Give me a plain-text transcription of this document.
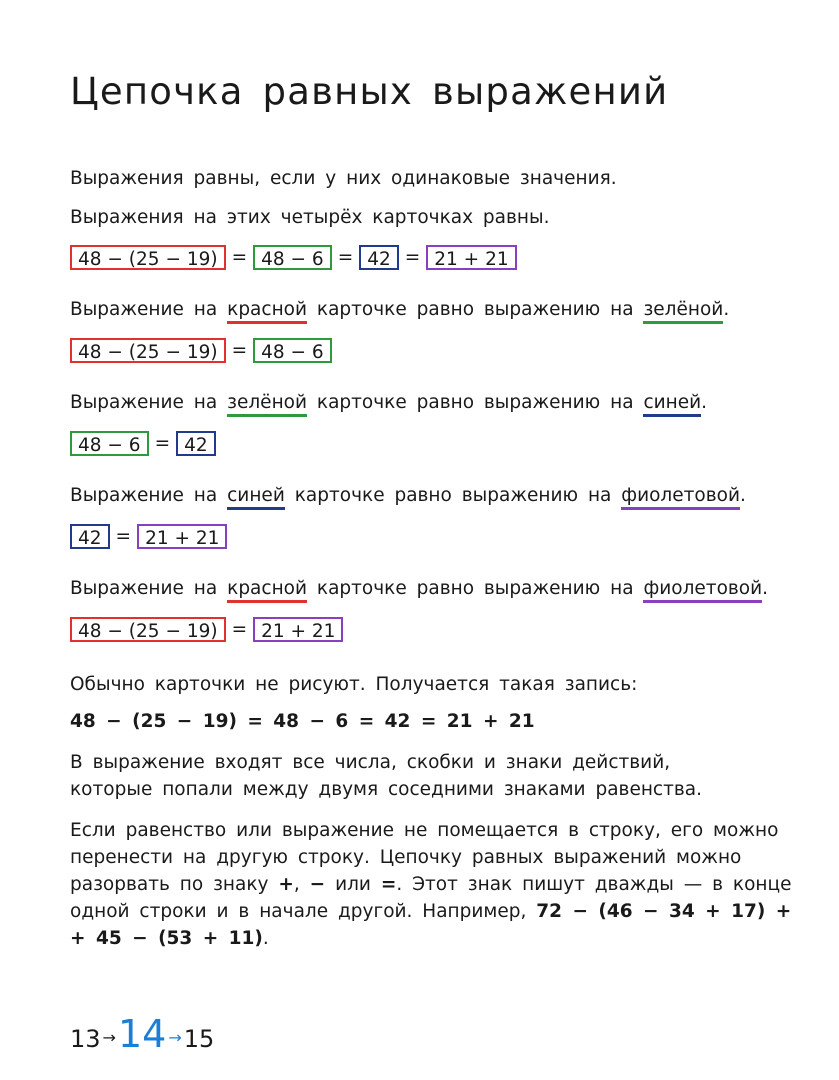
Цепочка равных выражений
Выражения равны, если у них одинаковые значения.
Выражения на этих четырёх карточках равны.
48 − (25 − 19) = 48 − 6 = 42 = 21 + 21
Выражение на красной карточке равно выражению на зелёной.
48 − (25 − 19) = 48 − 6
Выражение на зелёной карточке равно выражению на синей.
48 − 6 = 42
Выражение на синей карточке равно выражению на фиолетовой.
42 = 21 + 21
Выражение на красной карточке равно выражению на фиолетовой.
48 − (25 − 19) = 21 + 21
Обычно карточки не рисуют. Получается такая запись:
48 − (25 − 19) = 48 − 6 = 42 = 21 + 21
В выражение входят все числа, скобки и знаки действий,
которые попали между двумя соседними знаками равенства.
Если равенство или выражение не помещается в строку, его можно
перенести на другую строку. Цепочку равных выражений можно
разорвать по знаку +, − или =. Этот знак пишут дважды — в конце
одной строки и в начале другой. Например, 72 − (46 − 34 + 17) +
+ 45 − (53 + 11).
13 → 14 → 15
